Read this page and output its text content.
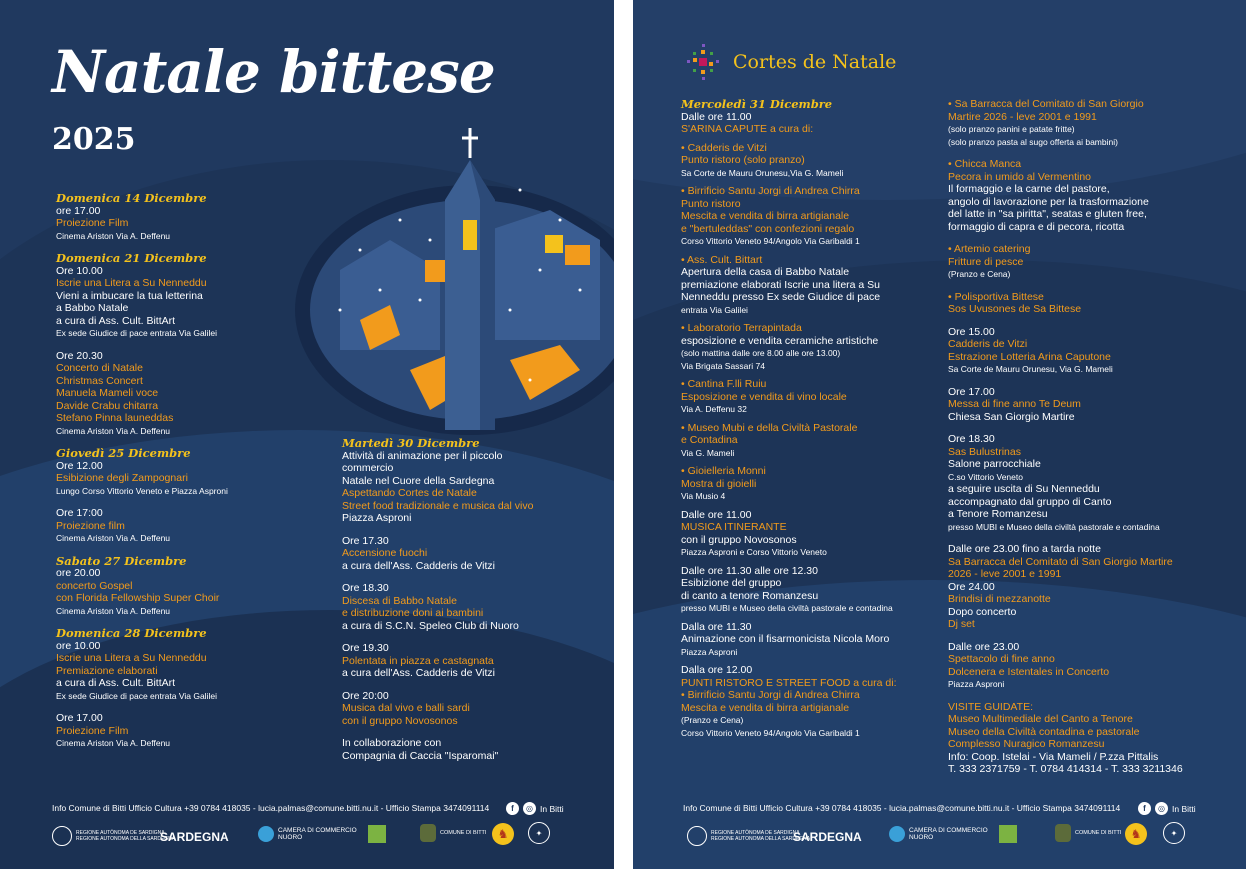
Natale bittese
2025
Domenica 14 Dicembre
ore 17.00
Proiezione Film
Cinema Ariston Via A. Deffenu
Domenica 21 Dicembre
Ore 10.00
Iscrie una Litera a Su Nenneddu
Vieni a imbucare la tua letterina
a Babbo Natale
a cura di Ass. Cult. BittArt
Ex sede Giudice di pace entrata Via Galilei
Ore 20.30
Concerto di Natale
Christmas Concert
Manuela Mameli voce
Davide Crabu chitarra
Stefano Pinna launeddas
Cinema Ariston Via A. Deffenu
Giovedì 25 Dicembre
Ore 12.00
Esibizione degli Zampognari
Lungo Corso Vittorio Veneto e Piazza Asproni
Ore 17:00
Proiezione film
Cinema Ariston Via A. Deffenu
Sabato 27 Dicembre
ore 20.00
concerto Gospel
con Florida Fellowship Super Choir
Cinema Ariston Via A. Deffenu
Domenica 28 Dicembre
ore 10.00
Iscrie una Litera a Su Nenneddu
Premiazione elaborati
a cura di Ass. Cult. BittArt
Ex sede Giudice di pace entrata Via Galilei
Ore 17.00
Proiezione Film
Cinema Ariston Via A. Deffenu
Martedì 30 Dicembre
Attività di animazione per il piccolo
commercio
Natale nel Cuore della Sardegna
Aspettando Cortes de Natale
Street food tradizionale e musica dal vivo
Piazza Asproni
Ore 17.30
Accensione fuochi
a cura dell'Ass. Cadderis de Vitzi
Ore 18.30
Discesa di Babbo Natale
e distribuzione doni ai bambini
a cura di S.C.N. Speleo Club di Nuoro
Ore 19.30
Polentata in piazza e castagnata
a cura dell'Ass. Cadderis de Vitzi
Ore 20:00
Musica dal vivo e balli sardi
con il gruppo Novosonos
In collaborazione con
Compagnia di Caccia "Isparomai"
Info Comune di Bitti Ufficio Cultura +39 0784 418035 - lucia.palmas@comune.bitti.nu.it - Ufficio Stampa 3474091114	f	◎ In Bitti
REGIONE AUTÒNOMA DE SARDIGNA
REGIONE AUTONOMA DELLA SARDEGNA
SARDEGNA	CAMERA DI COMMERCIO
NUORO
COMUNE DI BITTI ♞	✦
Cortes de Natale
Mercoledì 31 Dicembre
Dalle ore 11.00
S'ARINA CAPUTE a cura di:
• Cadderis de Vitzi
Punto ristoro (solo pranzo)
Sa Corte de Mauru Orunesu,Via G. Mameli
• Birrificio Santu Jorgi di Andrea Chirra
Punto ristoro
Mescita e vendita di birra artigianale
e "bertuleddas" con confezioni regalo
Corso Vittorio Veneto 94/Angolo Via Garibaldi 1
• Ass. Cult. Bittart
Apertura della casa di Babbo Natale
premiazione elaborati Iscrie una litera a Su
Nenneddu presso Ex sede Giudice di pace
entrata Via Galilei
• Laboratorio Terrapintada
esposizione e vendita ceramiche artistiche
(solo mattina dalle ore 8.00 alle ore 13.00)
Via Brigata Sassari 74
• Cantina F.lli Ruiu
Esposizione e vendita di vino locale
Via A. Deffenu 32
• Museo Mubi e della Civiltà Pastorale
e Contadina
Via G. Mameli
• Gioielleria Monni
Mostra di gioielli
Via Musio 4
Dalle ore 11.00
MUSICA ITINERANTE
con il gruppo Novosonos
Piazza Asproni e Corso Vittorio Veneto
Dalle ore 11.30 alle ore 12.30
Esibizione del gruppo
di canto a tenore Romanzesu
presso MUBI e Museo della civiltà pastorale e contadina
Dalla ore 11.30
Animazione con il fisarmonicista Nicola Moro
Piazza Asproni
Dalla ore 12.00
PUNTI RISTORO E STREET FOOD a cura di:
• Birrificio Santu Jorgi di Andrea Chirra
Mescita e vendita di birra artigianale
(Pranzo e Cena)
Corso Vittorio Veneto 94/Angolo Via Garibaldi 1
• Sa Barracca del Comitato di San Giorgio
Martire 2026 - leve 2001 e 1991
(solo pranzo panini e patate fritte)
(solo pranzo pasta al sugo offerta ai bambini)
• Chicca Manca
Pecora in umido al Vermentino
Il formaggio e la carne del pastore,
angolo di lavorazione per la trasformazione
del latte in "sa piritta", seatas e gluten free,
formaggio di capra e di pecora, ricotta
• Artemio catering
Fritture di pesce
(Pranzo e Cena)
• Polisportiva Bittese
Sos Uvusones de Sa Bittese
Ore 15.00
Cadderis de Vitzi
Estrazione Lotteria Arina Caputone
Sa Corte de Mauru Orunesu, Via G. Mameli
Ore 17.00
Messa di fine anno Te Deum
Chiesa San Giorgio Martire
Ore 18.30
Sas Bulustrinas
Salone parrocchiale
C.so Vittorio Veneto
a seguire uscita di Su Nenneddu
accompagnato dal gruppo di Canto
a Tenore Romanzesu
presso MUBI e Museo della civiltà pastorale e contadina
Dalle ore 23.00 fino a tarda notte
Sa Barracca del Comitato di San Giorgio Martire
2026 - leve 2001 e 1991
Ore 24.00
Brindisi di mezzanotte
Dopo concerto
Dj set
Dalle ore 23.00
Spettacolo di fine anno
Dolcenera e Istentales in Concerto
Piazza Asproni
VISITE GUIDATE:
Museo Multimediale del Canto a Tenore
Museo della Civiltà contadina e pastorale
Complesso Nuragico Romanzesu
Info: Coop. Istelai - Via Mameli / P.zza Pittalis
T. 333 2371759 - T. 0784 414314 - T. 333 3211346
Info Comune di Bitti Ufficio Cultura +39 0784 418035 - lucia.palmas@comune.bitti.nu.it - Ufficio Stampa 3474091114	f	◎ In Bitti
REGIONE AUTÒNOMA DE SARDIGNA
REGIONE AUTONOMA DELLA SARDEGNA
SARDEGNA	CAMERA DI COMMERCIO
NUORO
COMUNE DI BITTI ♞	✦
